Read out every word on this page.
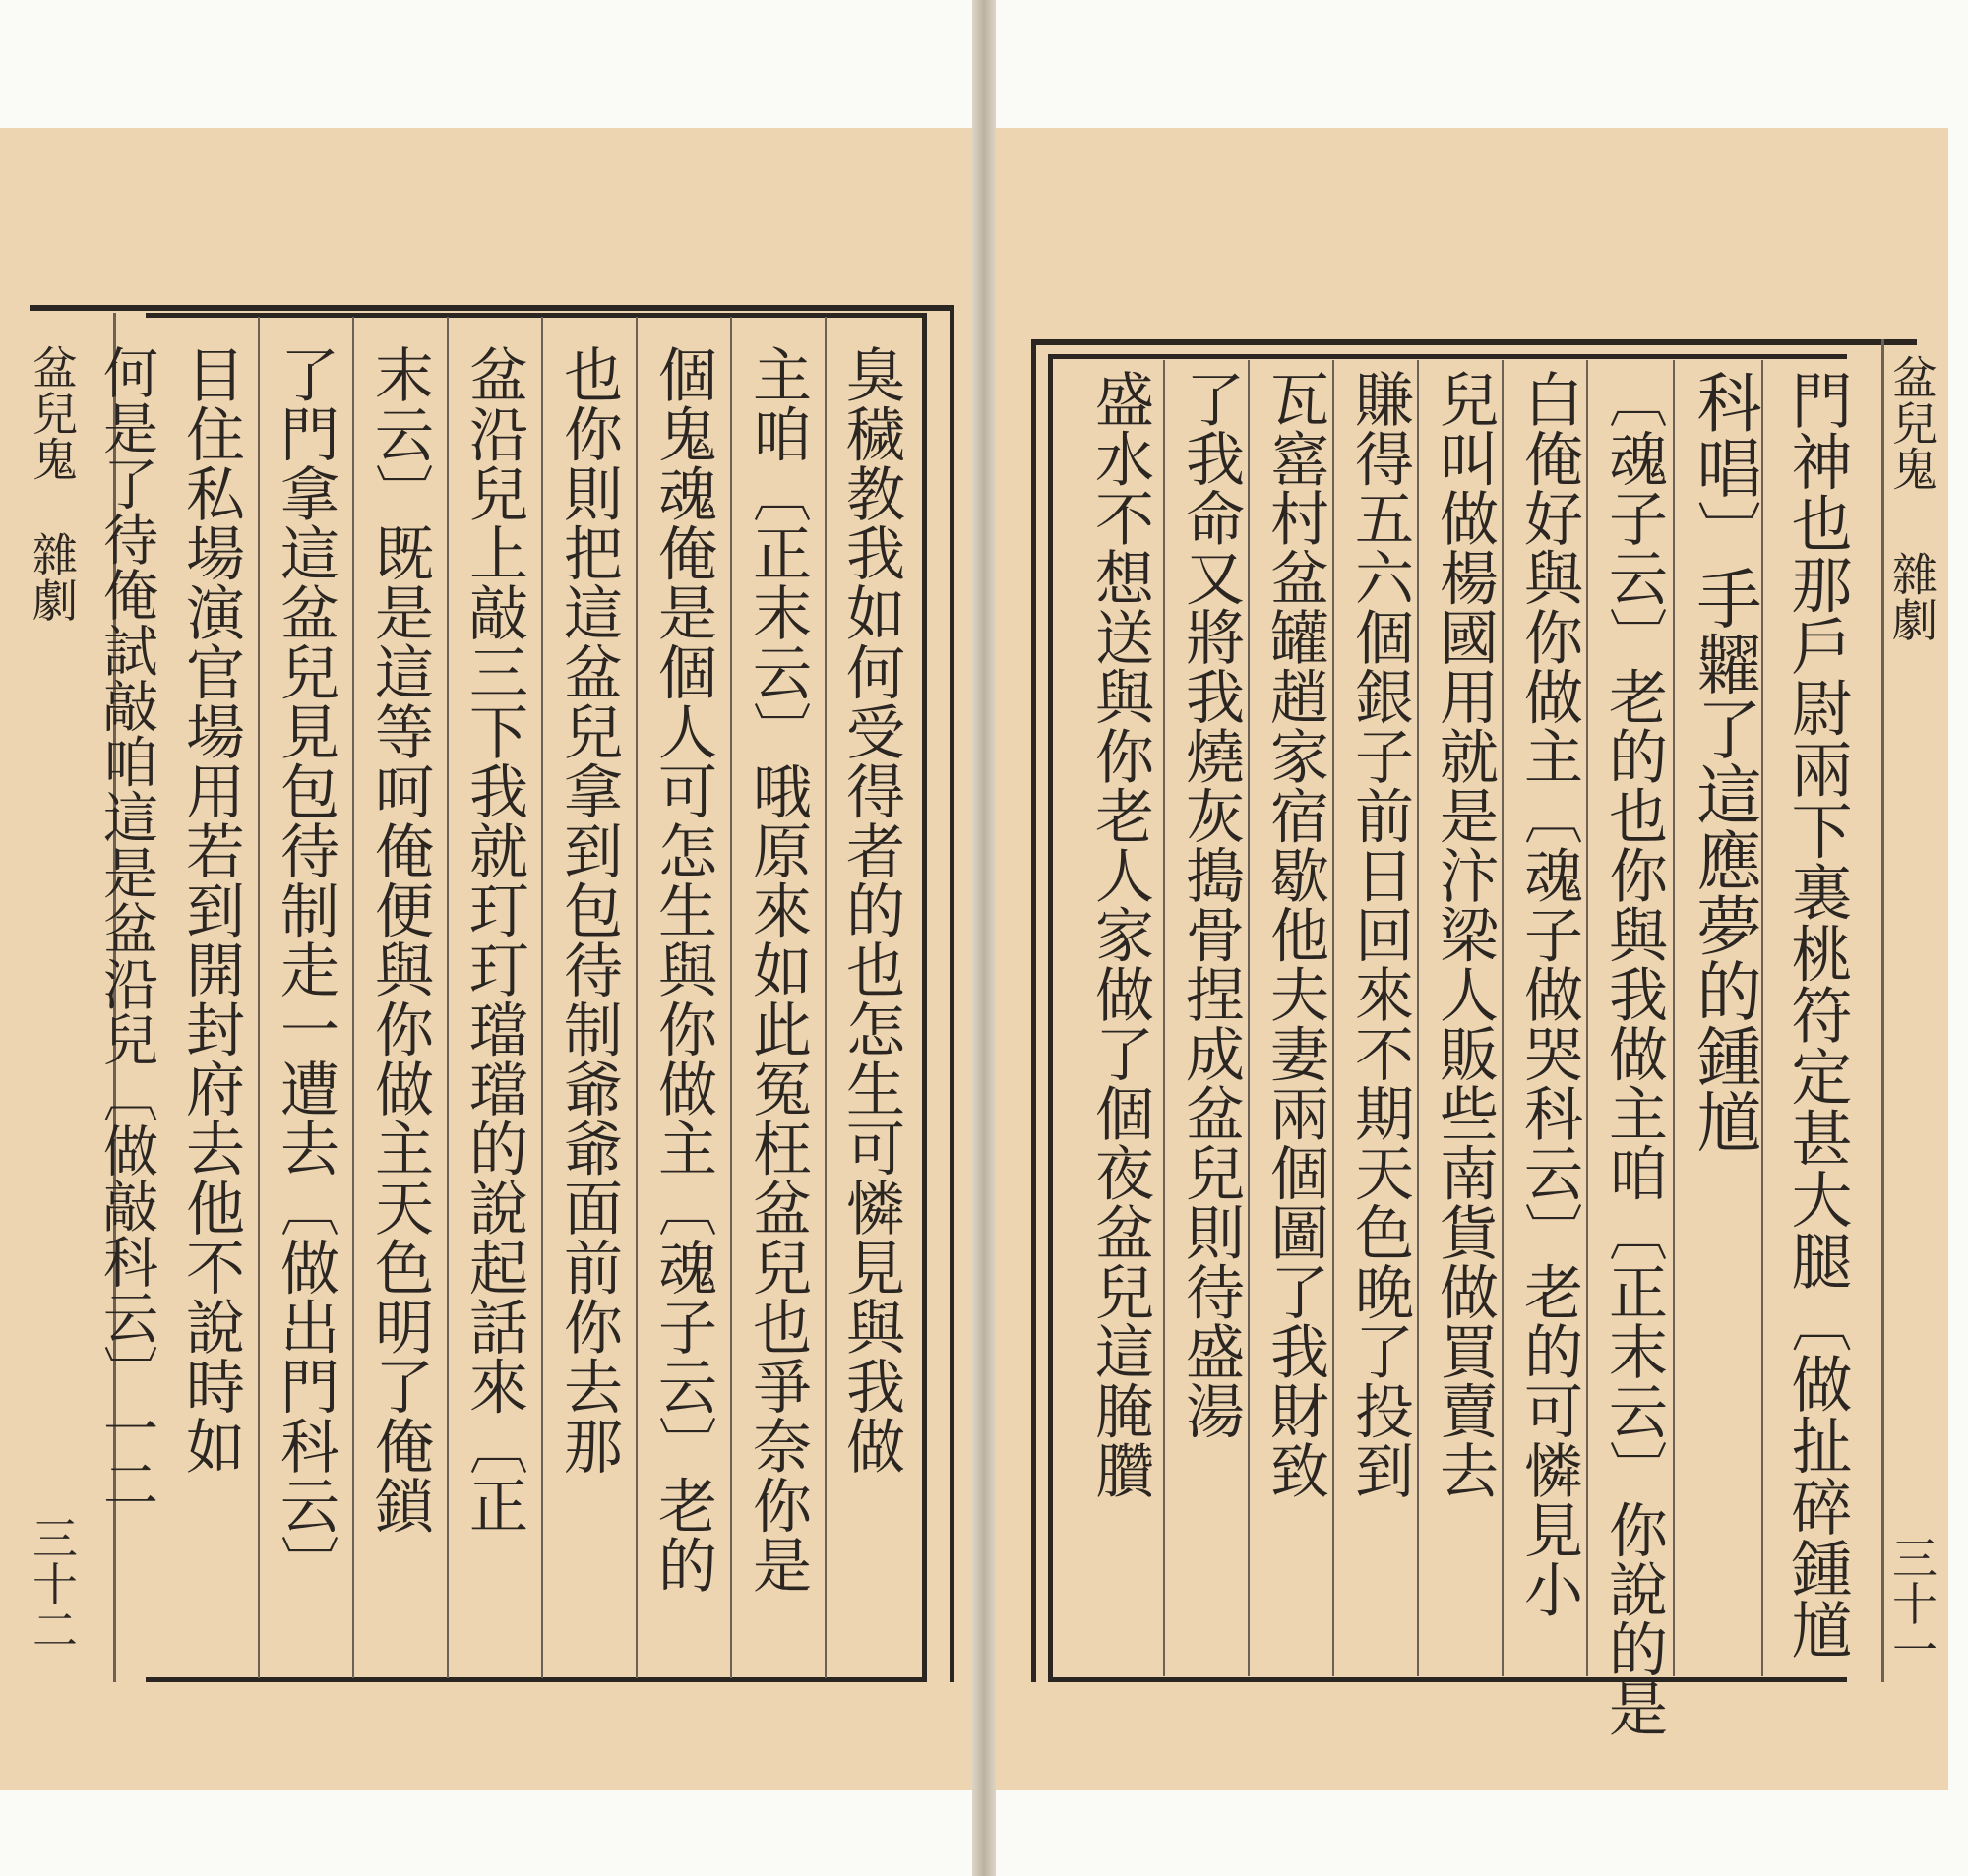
盆兒鬼
雜劇
三十二
臭穢教我如何受得者的也怎生可憐見與我做
主咱〔正末云〕哦原來如此冤枉盆兒也爭奈你是
個鬼魂俺是個人可怎生與你做主〔魂子云〕老的
也你則把這盆兒拿到包待制爺爺面前你去那
盆沿兒上敲三下我就玎玎璫璫的說起話來〔正
末云〕既是這等呵俺便與你做主天色明了俺鎖
了門拿這盆兒見包待制走一遭去〔做出門科云〕
目住私場演官場用若到開封府去他不說時如
何是了待俺試敲咱這是盆沿兒〔做敲科云〕一二	盆兒鬼
雜劇
三十一
門神也那戶尉兩下裏桃符定甚大腿〔做扯碎鍾馗
科唱〕手糶了這應夢的鍾馗
〔魂子云〕老的也你與我做主咱〔正末云〕你說的是
白俺好與你做主〔魂子做哭科云〕老的可憐見小
兒叫做楊國用就是汴梁人販些南貨做買賣去
賺得五六個銀子前日回來不期天色晚了投到
瓦窰村盆罐趙家宿歇他夫妻兩個圖了我財致
了我命又將我燒灰搗骨捏成盆兒則待盛湯
盛水不想送與你老人家做了個夜盆兒這腌臢
